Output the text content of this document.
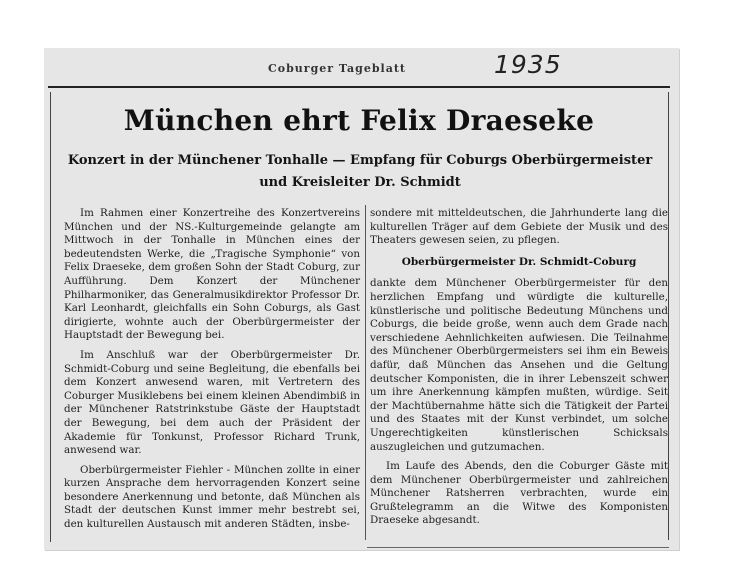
Coburger Tageblatt	1935
München ehrt Felix Draeseke
Konzert in der Münchener Tonhalle — Empfang für Coburgs Oberbürgermeister
und Kreisleiter Dr. Schmidt

Im Rahmen einer Konzertreihe des Konzertvereins München und der NS.-Kulturgemeinde gelangte am Mittwoch in der Tonhalle in München eines der bedeutendsten Werke, die „Tragische Symphonie“ von Felix Draeseke, dem großen Sohn der Stadt Coburg, zur Aufführung. Dem Konzert der Münchener Philharmoniker, das Generalmusikdirektor Professor Dr. Karl Leonhardt, gleichfalls ein Sohn Coburgs, als Gast dirigierte, wohnte auch der Oberbürgermeister der Hauptstadt der Bewegung bei.

Im Anschluß war der Oberbürgermeister Dr. Schmidt-Coburg und seine Begleitung, die ebenfalls bei dem Konzert anwesend waren, mit Vertretern des Coburger Musiklebens bei einem kleinen Abendimbiß in der Münchener Ratstrinkstube Gäste der Hauptstadt der Bewegung, bei dem auch der Präsident der Akademie für Tonkunst, Professor Richard Trunk, anwesend war.

Oberbürgermeister Fiehler - München zollte in einer kurzen Ansprache dem hervorragenden Konzert seine besondere Anerkennung und betonte, daß München als Stadt der deutschen Kunst immer mehr bestrebt sei, den kulturellen Austausch mit anderen Städten, insbe-

sondere mit mitteldeutschen, die Jahrhunderte lang die kulturellen Träger auf dem Gebiete der Musik und des Theaters gewesen seien, zu pflegen.

Oberbürgermeister Dr. Schmidt-Coburg

dankte dem Münchener Oberbürgermeister für den herzlichen Empfang und würdigte die kulturelle, künstlerische und politische Bedeutung Münchens und Coburgs, die beide große, wenn auch dem Grade nach verschiedene Aehnlichkeiten aufwiesen. Die Teilnahme des Münchener Oberbürgermeisters sei ihm ein Beweis dafür, daß München das Ansehen und die Geltung deutscher Komponisten, die in ihrer Lebenszeit schwer um ihre Anerkennung kämpfen mußten, würdige. Seit der Machtübernahme hätte sich die Tätigkeit der Partei und des Staates mit der Kunst verbindet, um solche Ungerechtigkeiten künstlerischen Schicksals auszugleichen und gutzumachen.

Im Laufe des Abends, den die Coburger Gäste mit dem Münchener Oberbürgermeister und zahlreichen Münchener Ratsherren verbrachten, wurde ein Grußtelegramm an die Witwe des Komponisten Draeseke abgesandt.
